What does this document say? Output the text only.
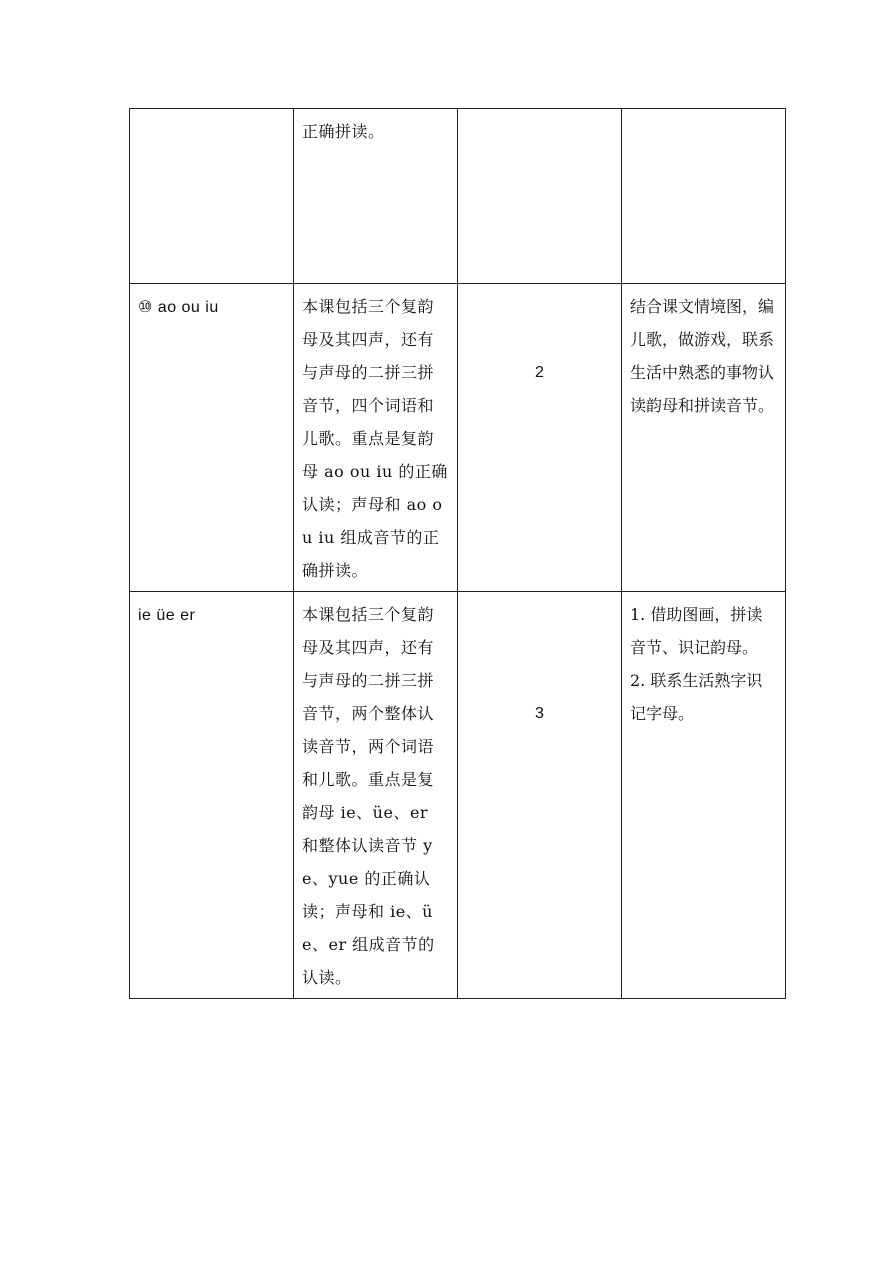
	正确拼读。	

⑩ ao ou iu	本课包括三个复韵母及其四声，还有与声母的二拼三拼音节，四个词语和儿歌。重点是复韵母 ao ou iu 的正确认读；声母和 ao ou iu 组成音节的正确拼读。	2	结合课文情境图，编儿歌，做游戏，联系生活中熟悉的事物认读韵母和拼读音节。

ie üe er	本课包括三个复韵母及其四声，还有与声母的二拼三拼音节，两个整体认读音节，两个词语和儿歌。重点是复韵母 ie、üe、er 和整体认读音节 ye、yue 的正确认读；声母和 ie、üe、er 组成音节的认读。	3	1. 借助图画，拼读音节、识记韵母。
2. 联系生活熟字识记字母。
